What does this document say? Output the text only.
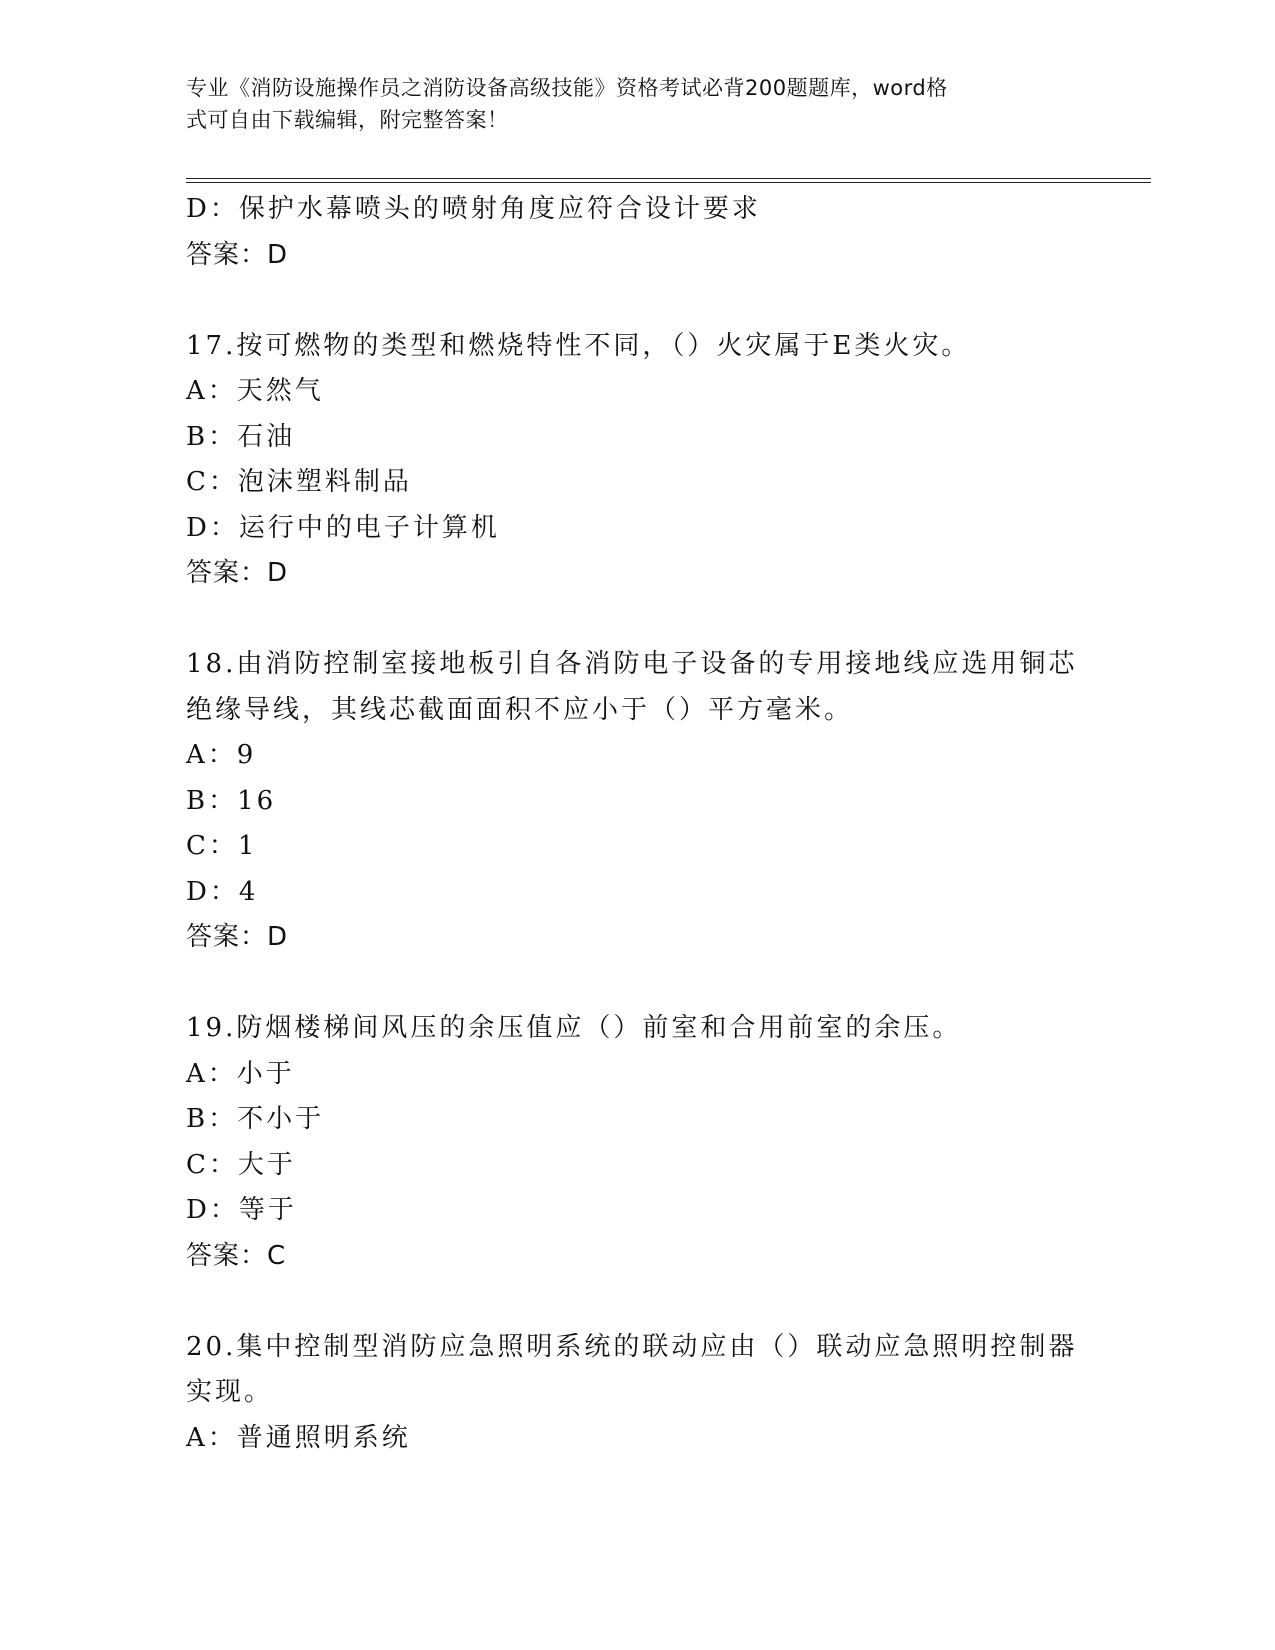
专业《消防设施操作员之消防设备高级技能》资格考试必背200题题库，word格
式可自由下载编辑，附完整答案！
D：保护水幕喷头的喷射角度应符合设计要求
答案：D
17.按可燃物的类型和燃烧特性不同，（）火灾属于E类火灾。
A：天然气
B：石油
C：泡沫塑料制品
D：运行中的电子计算机
答案：D
18.由消防控制室接地板引自各消防电子设备的专用接地线应选用铜芯
绝缘导线，其线芯截面面积不应小于（）平方毫米。
A：9
B：16
C：1
D：4
答案：D
19.防烟楼梯间风压的余压值应（）前室和合用前室的余压。
A：小于
B：不小于
C：大于
D：等于
答案：C
20.集中控制型消防应急照明系统的联动应由（）联动应急照明控制器
实现。
A：普通照明系统
